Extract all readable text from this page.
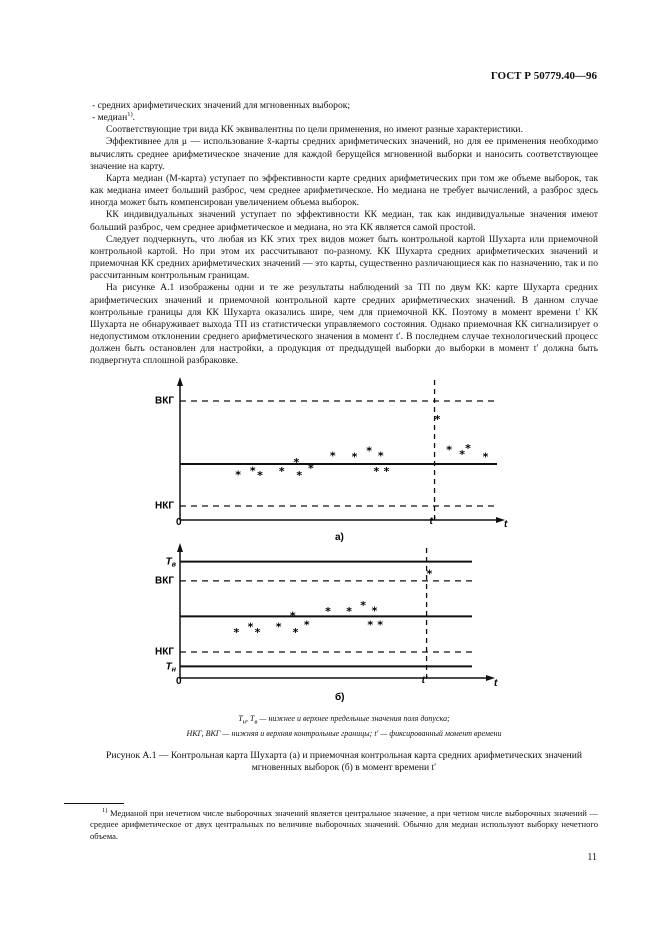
ГОСТ Р 50779.40—96

- средних арифметических значений для мгновенных выборок;

- медиан$^{1)}$.

Соответствующие три вида КК эквивалентны по цели применения, но имеют разные характеристики.

Эффективнее для μ — использование x̄-карты средних арифметических значений, но для ее применения необходимо вычислять среднее арифметическое значение для каждой берущейся мгновенной выборки и наносить соответствующее значение на карту.

Карта медиан (M-карта) уступает по эффективности карте средних арифметических при том же объеме выборок, так как медиана имеет больший разброс, чем среднее арифметическое. Но медиана не требует вычислений, а разброс здесь иногда может быть компенсирован увеличением объема выборок.

КК индивидуальных значений уступает по эффективности КК медиан, так как индивидуальные значения имеют больший разброс, чем среднее арифметическое и медиана, но эта КК является самой простой.

Следует подчеркнуть, что любая из КК этих трех видов может быть контрольной картой Шухарта или приемочной контрольной картой. Но при этом их рассчитывают по-разному. КК Шухарта средних арифметических значений и приемочная КК средних арифметических значений — это карты, существенно различающиеся как по назначению, так и по рассчитанным контрольным границам.

На рисунке А.1 изображены одни и те же результаты наблюдений за ТП по двум КК: карте Шухарта средних арифметических значений и приемочной контрольной карте средних арифметических значений. В данном случае контрольные границы для КК Шухарта оказались шире, чем для приемочной КК. Поэтому в момент времени t′ КК Шухарта не обнаруживает выхода ТП из статистически управляемого состояния. Однако приемочная КК сигнализирует о недопустимом отклонении среднего арифметического значения в момент t′. В последнем случае технологический процесс должен быть остановлен для настройки, а продукция от предыдущей выборки до выборки в момент t′ должна быть подвергнута сплошной разбраковке.

ВКГ
НКГ
0	t
t′
а)
* * * *
*
*
*
* * * *
* *
*
* * *
*
$T_в$
ВКГ
НКГ
$T_н$
0	t
t′
б)
* * * *
*
*
*
* * * *
* *
*
$T_н$, $T_в$ — нижнее и верхнее предельные значения поля допуска;
НКГ, ВКГ — нижняя и верхняя контрольные границы; t′ — фиксированный момент времени
Рисунок А.1 — Контрольная карта Шухарта (а) и приемочная контрольная карта средних арифметических значений мгновенных выборок (б) в момент времени t′

$^{1)}$ Медианой при нечетном числе выборочных значений является центральное значение, а при четном числе выборочных значений — среднее арифметическое от двух центральных по величине выборочных значений. Обычно для медиан используют выборку нечетного объема.

11
